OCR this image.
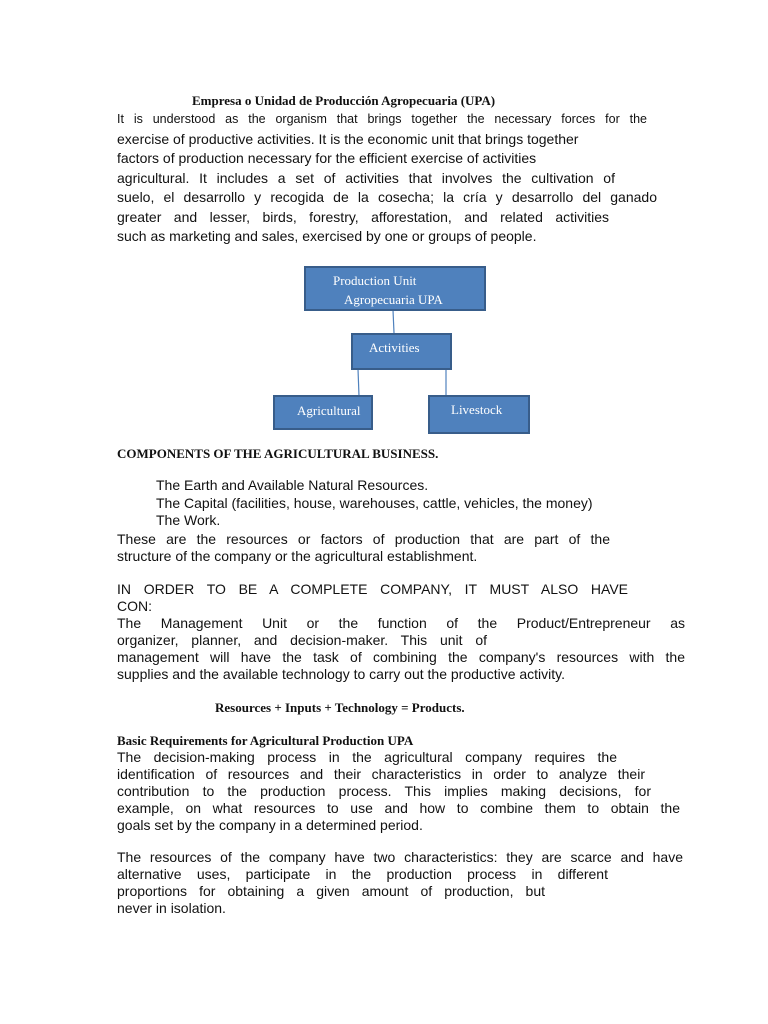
Empresa o Unidad de Producción Agropecuaria (UPA)
It is understood as the organism that brings together the necessary forces for the
exercise of productive activities. It is the economic unit that brings together
factors of production necessary for the efficient exercise of activities
agricultural. It includes a set of activities that involves the cultivation of
suelo, el desarrollo y recogida de la cosecha; la cría y desarrollo del ganado
greater and lesser, birds, forestry, afforestation, and related activities
such as marketing and sales, exercised by one or groups of people.
Production Unit
Agropecuaria UPA
Activities
Agricultural	Livestock
COMPONENTS OF THE AGRICULTURAL BUSINESS.
The Earth and Available Natural Resources.
The Capital (facilities, house, warehouses, cattle, vehicles, the money)
The Work.
These are the resources or factors of production that are part of the
structure of the company or the agricultural establishment.
IN ORDER TO BE A COMPLETE COMPANY, IT MUST ALSO HAVE
CON:
The Management Unit or the function of the Product/Entrepreneur as
organizer, planner, and decision-maker. This unit of
management will have the task of combining the company's resources with the
supplies and the available technology to carry out the productive activity.
Resources + Inputs + Technology = Products.
Basic Requirements for Agricultural Production UPA
The decision-making process in the agricultural company requires the
identification of resources and their characteristics in order to analyze their
contribution to the production process. This implies making decisions, for
example, on what resources to use and how to combine them to obtain the
goals set by the company in a determined period.
The resources of the company have two characteristics: they are scarce and have
alternative uses, participate in the production process in different
proportions for obtaining a given amount of production, but
never in isolation.
